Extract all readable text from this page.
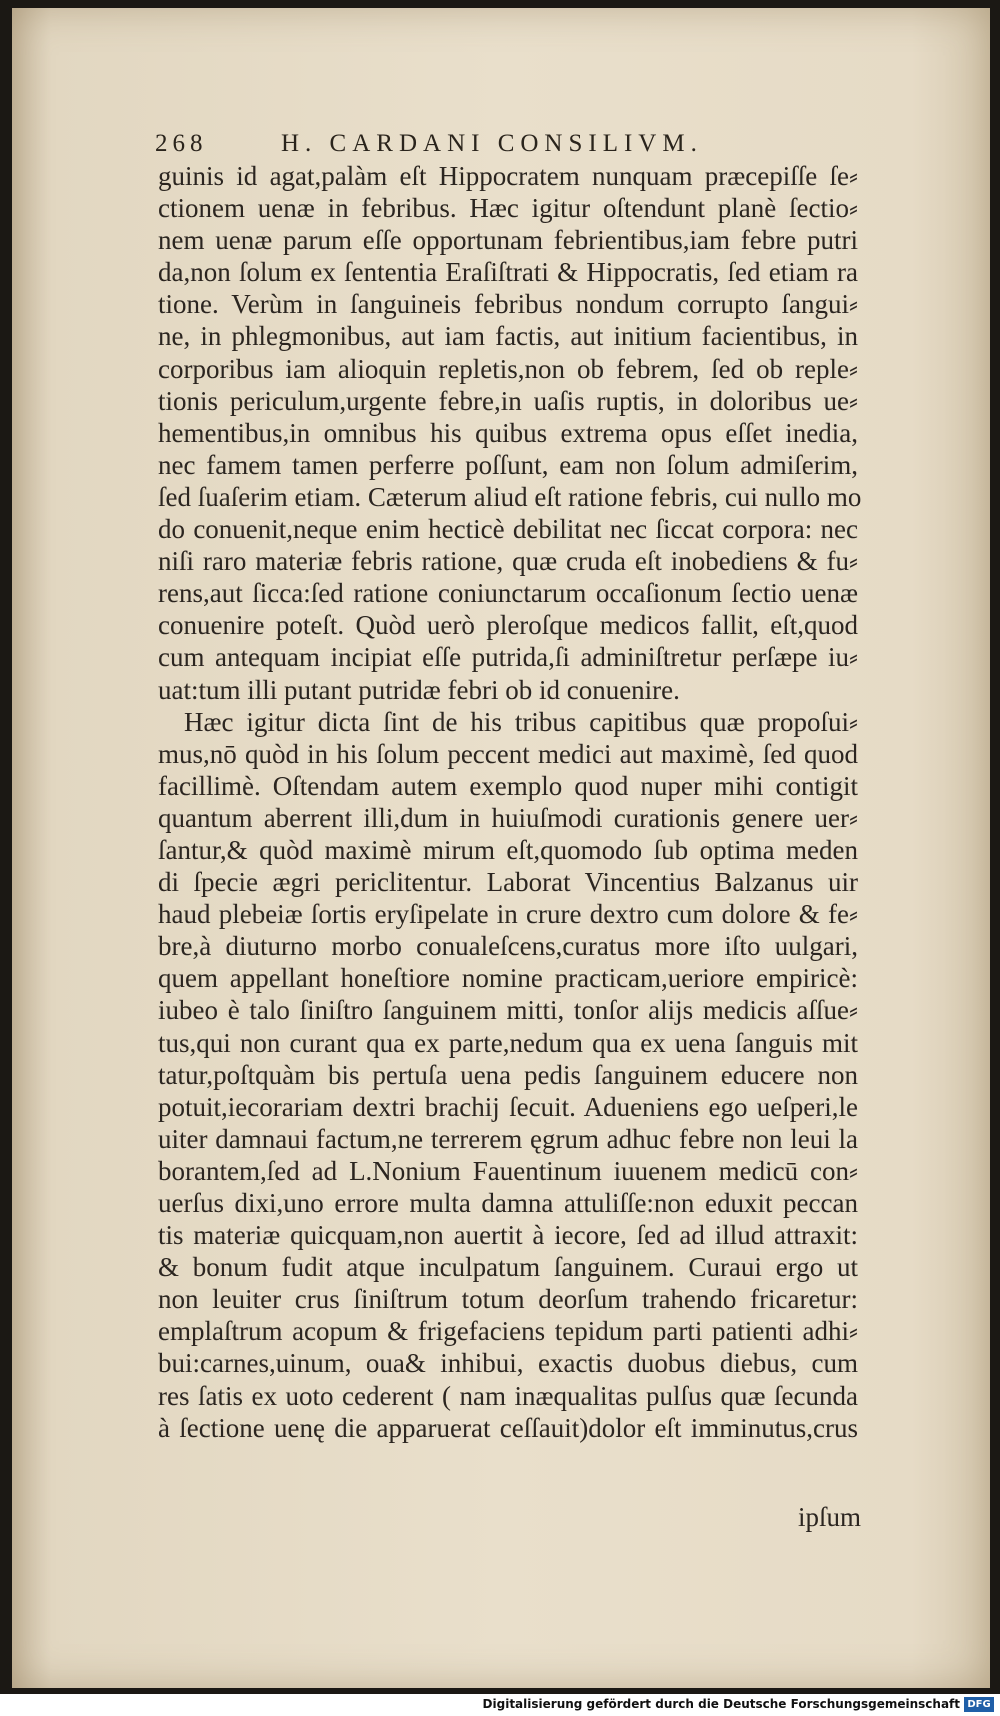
268	H. CARDANI CONSILIVM.
guinis id agat,palàm eſt Hippocratem nunquam præcepiſſe ſe⸗
ctionem uenæ in febribus. Hæc igitur oſtendunt planè ſectio⸗
nem uenæ parum eſſe opportunam febrientibus,iam febre putri
da,non ſolum ex ſententia Eraſiſtrati & Hippocratis, ſed etiam ra
tione. Verùm in ſanguineis febribus nondum corrupto ſangui⸗
ne, in phlegmonibus, aut iam factis, aut initium facientibus, in
corporibus iam alioquin repletis,non ob febrem, ſed ob reple⸗
tionis periculum,urgente febre,in uaſis ruptis, in doloribus ue⸗
hementibus,in omnibus his quibus extrema opus eſſet inedia,
nec famem tamen perferre poſſunt, eam non ſolum admiſerim,
ſed ſuaſerim etiam. Cæterum aliud eſt ratione febris, cui nullo mo
do conuenit,neque enim hecticè debilitat nec ſiccat corpora: nec
niſi raro materiæ febris ratione, quæ cruda eſt inobediens & fu⸗
rens,aut ſicca:ſed ratione coniunctarum occaſionum ſectio uenæ
conuenire poteſt. Quòd uerò pleroſque medicos fallit, eſt,quod
cum antequam incipiat eſſe putrida,ſi adminiſtretur perſæpe iu⸗
uat:tum illi putant putridæ febri ob id conuenire.
Hæc igitur dicta ſint de his tribus capitibus quæ propoſui⸗
mus,nō quòd in his ſolum peccent medici aut maximè, ſed quod
facillimè. Oſtendam autem exemplo quod nuper mihi contigit
quantum aberrent illi,dum in huiuſmodi curationis genere uer⸗
ſantur,& quòd maximè mirum eſt,quomodo ſub optima meden
di ſpecie ægri periclitentur. Laborat Vincentius Balzanus uir
haud plebeiæ ſortis eryſipelate in crure dextro cum dolore & fe⸗
bre,à diuturno morbo conualeſcens,curatus more iſto uulgari,
quem appellant honeſtiore nomine practicam,ueriore empiricè:
iubeo è talo ſiniſtro ſanguinem mitti, tonſor alijs medicis aſſue⸗
tus,qui non curant qua ex parte,nedum qua ex uena ſanguis mit
tatur,poſtquàm bis pertuſa uena pedis ſanguinem educere non
potuit,iecorariam dextri brachij ſecuit. Adueniens ego ueſperi,le
uiter damnaui factum,ne terrerem ęgrum adhuc febre non leui la
borantem,ſed ad L.Nonium Fauentinum iuuenem medicū con⸗
uerſus dixi,uno errore multa damna attuliſſe:non eduxit peccan
tis materiæ quicquam,non auertit à iecore, ſed ad illud attraxit:
& bonum fudit atque inculpatum ſanguinem. Curaui ergo ut
non leuiter crus ſiniſtrum totum deorſum trahendo fricaretur:
emplaſtrum acopum & frigefaciens tepidum parti patienti adhi⸗
bui:carnes,uinum, oua& inhibui, exactis duobus diebus, cum
res ſatis ex uoto cederent ( nam inæqualitas pulſus quæ ſecunda
à ſectione uenę die apparuerat ceſſauit)dolor eſt imminutus,crus
ipſum
Digitalisierung gefördert durch die Deutsche Forschungsgemeinschaft DFG
